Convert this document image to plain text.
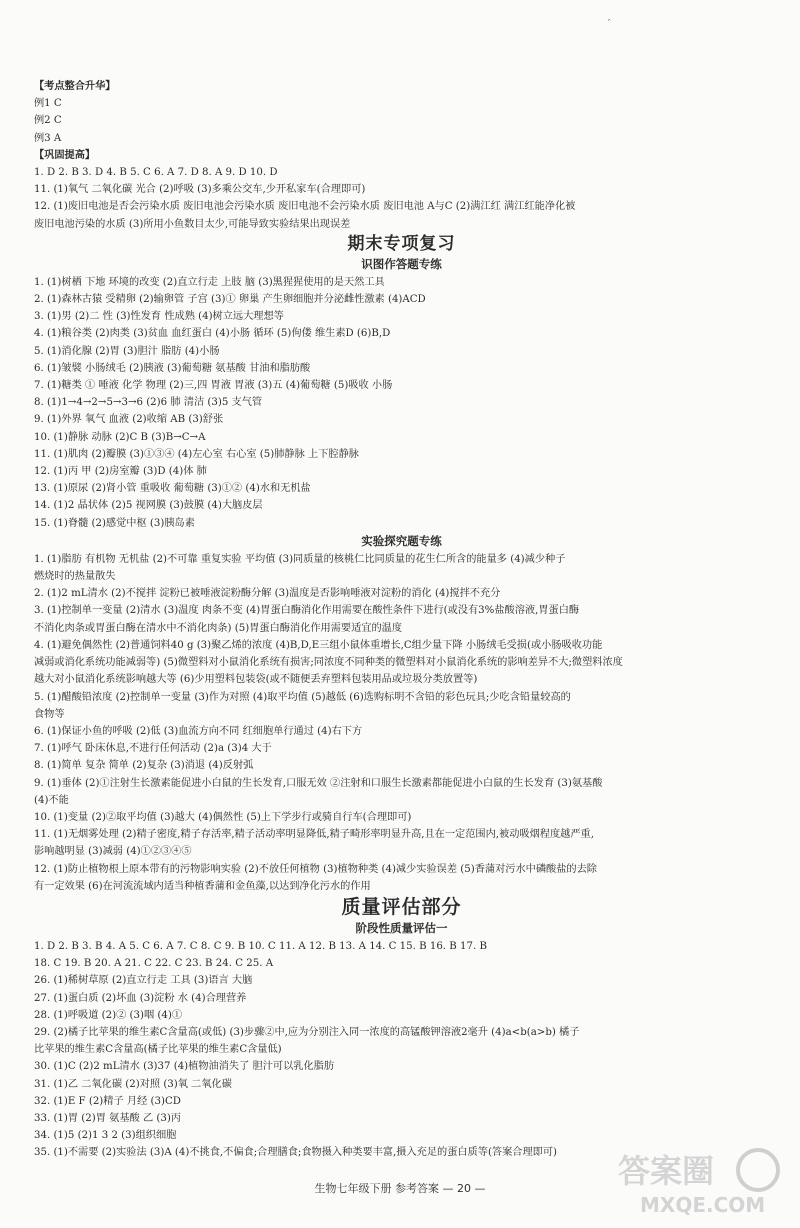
′
【考点整合升华】
例1 C
例2 C
例3 A
【巩固提高】
1. D 2. B 3. D 4. B 5. C 6. A 7. D 8. A 9. D 10. D
11. (1)氧气 二氧化碳 光合 (2)呼吸 (3)多乘公交车,少开私家车(合理即可)
12. (1)废旧电池是否会污染水质 废旧电池会污染水质 废旧电池不会污染水质 废旧电池 A与C (2)满江红 满江红能净化被
废旧电池污染的水质 (3)所用小鱼数目太少,可能导致实验结果出现误差
期末专项复习
识图作答题专练
1. (1)树栖 下地 环境的改变 (2)直立行走 上肢 脑 (3)黑猩猩使用的是天然工具
2. (1)森林古猿 受精卵 (2)输卵管 子宫 (3)① 卵巢 产生卵细胞并分泌雌性激素 (4)ACD
3. (1)男 (2)二 性 (3)性发育 性成熟 (4)树立远大理想等
4. (1)粮谷类 (2)肉类 (3)贫血 血红蛋白 (4)小肠 循环 (5)佝偻 维生素D (6)B,D
5. (1)消化腺 (2)胃 (3)胆汁 脂肪 (4)小肠
6. (1)皱襞 小肠绒毛 (2)胰液 (3)葡萄糖 氨基酸 甘油和脂肪酸
7. (1)糖类 ① 唾液 化学 物理 (2)三,四 胃液 胃液 (3)五 (4)葡萄糖 (5)吸收 小肠
8. (1)1→4→2→5→3→6 (2)6 肺 清洁 (3)5 支气管
9. (1)外界 氧气 血液 (2)收缩 AB (3)舒张
10. (1)静脉 动脉 (2)C B (3)B→C→A
11. (1)肌肉 (2)瓣膜 (3)①③④ (4)左心室 右心室 (5)肺静脉 上下腔静脉
12. (1)丙 甲 (2)房室瓣 (3)D (4)体 肺
13. (1)原尿 (2)肾小管 重吸收 葡萄糖 (3)①② (4)水和无机盐
14. (1)2 晶状体 (2)5 视网膜 (3)鼓膜 (4)大脑皮层
15. (1)脊髓 (2)感觉中枢 (3)胰岛素
实验探究题专练
1. (1)脂肪 有机物 无机盐 (2)不可靠 重复实验 平均值 (3)同质量的核桃仁比同质量的花生仁所含的能量多 (4)减少种子
燃烧时的热量散失
2. (1)2 mL清水 (2)不搅拌 淀粉已被唾液淀粉酶分解 (3)温度是否影响唾液对淀粉的消化 (4)搅拌不充分
3. (1)控制单一变量 (2)清水 (3)温度 肉条不变 (4)胃蛋白酶消化作用需要在酸性条件下进行(或没有3%盐酸溶液,胃蛋白酶
不消化肉条或胃蛋白酶在清水中不消化肉条) (5)胃蛋白酶消化作用需要适宜的温度
4. (1)避免偶然性 (2)普通饲料40 g (3)聚乙烯的浓度 (4)B,D,E三组小鼠体重增长,C组少量下降 小肠绒毛受损(或小肠吸收功能
减弱或消化系统功能减弱等) (5)微塑料对小鼠消化系统有损害;同浓度不同种类的微塑料对小鼠消化系统的影响差异不大;微塑料浓度
越大对小鼠消化系统影响越大等 (6)少用塑料包装袋(或不随便丢弃塑料包装用品或垃圾分类放置等)
5. (1)醋酸铅浓度 (2)控制单一变量 (3)作为对照 (4)取平均值 (5)越低 (6)选购标明不含铅的彩色玩具;少吃含铅量较高的
食物等
6. (1)保证小鱼的呼吸 (2)低 (3)血流方向不同 红细胞单行通过 (4)右下方
7. (1)呼气 卧床休息,不进行任何活动 (2)a (3)4 大于
8. (1)简单 复杂 简单 (2)复杂 (3)消退 (4)反射弧
9. (1)垂体 (2)①注射生长激素能促进小白鼠的生长发育,口服无效 ②注射和口服生长激素都能促进小白鼠的生长发育 (3)氨基酸
(4)不能
10. (1)变量 (2)②取平均值 (3)越大 (4)偶然性 (5)上下学步行或骑自行车(合理即可)
11. (1)无烟雾处理 (2)精子密度,精子存活率,精子活动率明显降低,精子畸形率明显升高,且在一定范围内,被动吸烟程度越严重,
影响越明显 (3)减弱 (4)①②③④⑤
12. (1)防止植物根上原本带有的污物影响实验 (2)不放任何植物 (3)植物种类 (4)减少实验误差 (5)香蒲对污水中磷酸盐的去除
有一定效果 (6)在河流流域内适当种植香蒲和金鱼藻,以达到净化污水的作用
质量评估部分
阶段性质量评估一
1. D 2. B 3. B 4. A 5. C 6. A 7. C 8. C 9. B 10. C 11. A 12. B 13. A 14. C 15. B 16. B 17. B
18. C 19. B 20. A 21. C 22. C 23. B 24. C 25. A
26. (1)稀树草原 (2)直立行走 工具 (3)语言 大脑
27. (1)蛋白质 (2)坏血 (3)淀粉 水 (4)合理营养
28. (1)呼吸道 (2)② (3)咽 (4)①
29. (2)橘子比苹果的维生素C含量高(或低) (3)步骤②中,应为分别注入同一浓度的高锰酸钾溶液2毫升 (4)a<b(a>b) 橘子
比苹果的维生素C含量高(橘子比苹果的维生素C含量低)
30. (1)C (2)2 mL清水 (3)37 (4)植物油消失了 胆汁可以乳化脂肪
31. (1)乙 二氧化碳 (2)对照 (3)氧 二氧化碳
32. (1)E F (2)精子 月经 (3)CD
33. (1)胃 (2)胃 氨基酸 乙 (3)丙
34. (1)5 (2)1 3 2 (3)组织细胞
35. (1)不需要 (2)实验法 (3)A (4)不挑食,不偏食;合理膳食;食物摄入种类要丰富,摄入充足的蛋白质等(答案合理即可)	答案圈
MXQE.COM
生物七年级下册 参考答案 — 20 —
